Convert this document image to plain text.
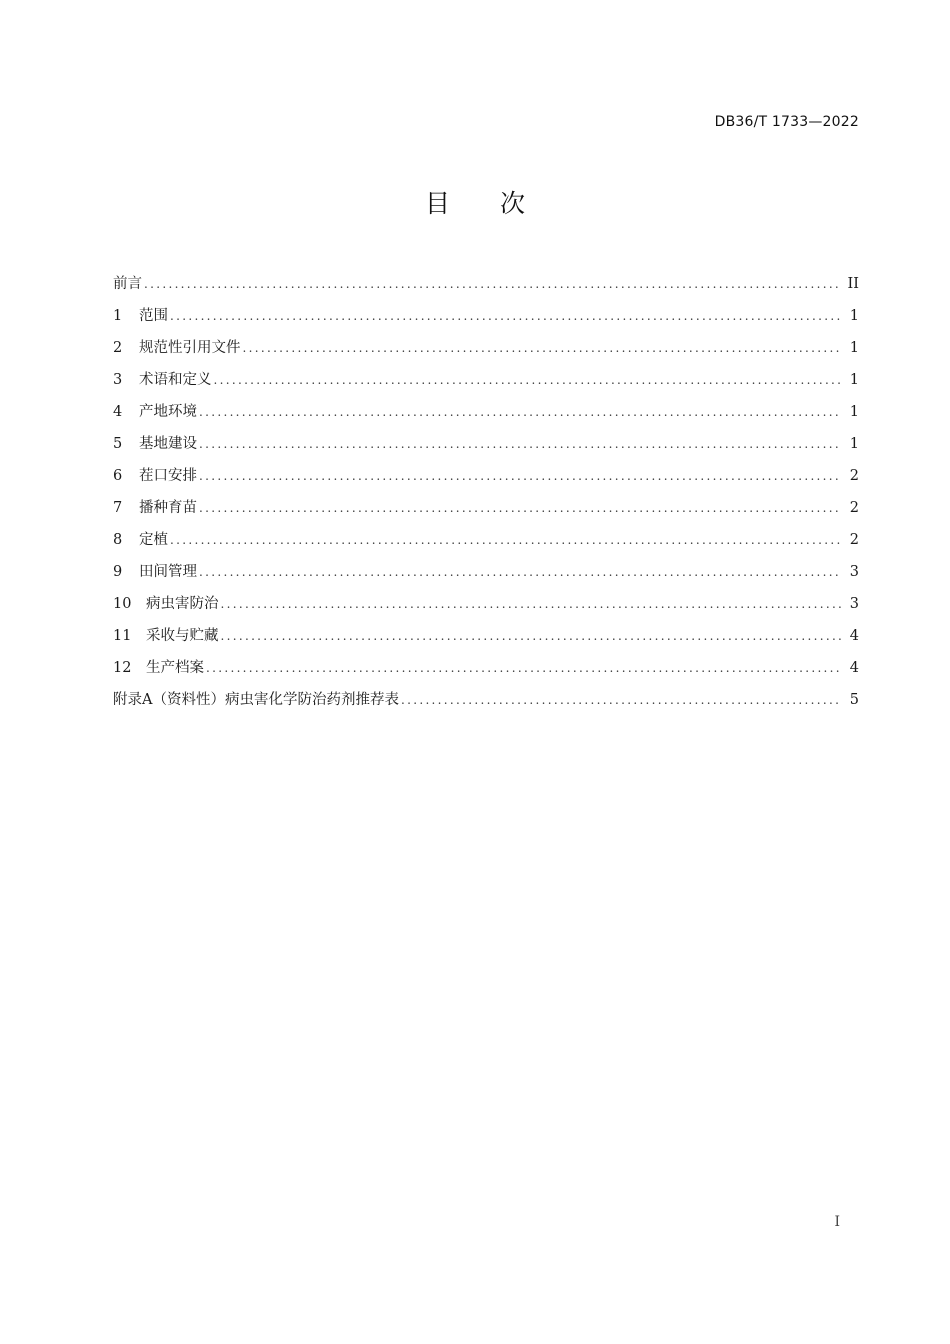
DB36/T 1733—2022
目 次
前言 .....	II
1 范围 .....	1
2 规范性引用文件 .....	1
3 术语和定义 .....	1
4 产地环境 .....	1
5 基地建设 .....	1
6 茬口安排 .....	2
7 播种育苗 .....	2
8 定植 .....	2
9 田间管理 .....	3
10 病虫害防治 .....	3
11 采收与贮藏 .....	4
12 生产档案 .....	4
附录A（资料性）病虫害化学防治药剂推荐表 .....	5
I
